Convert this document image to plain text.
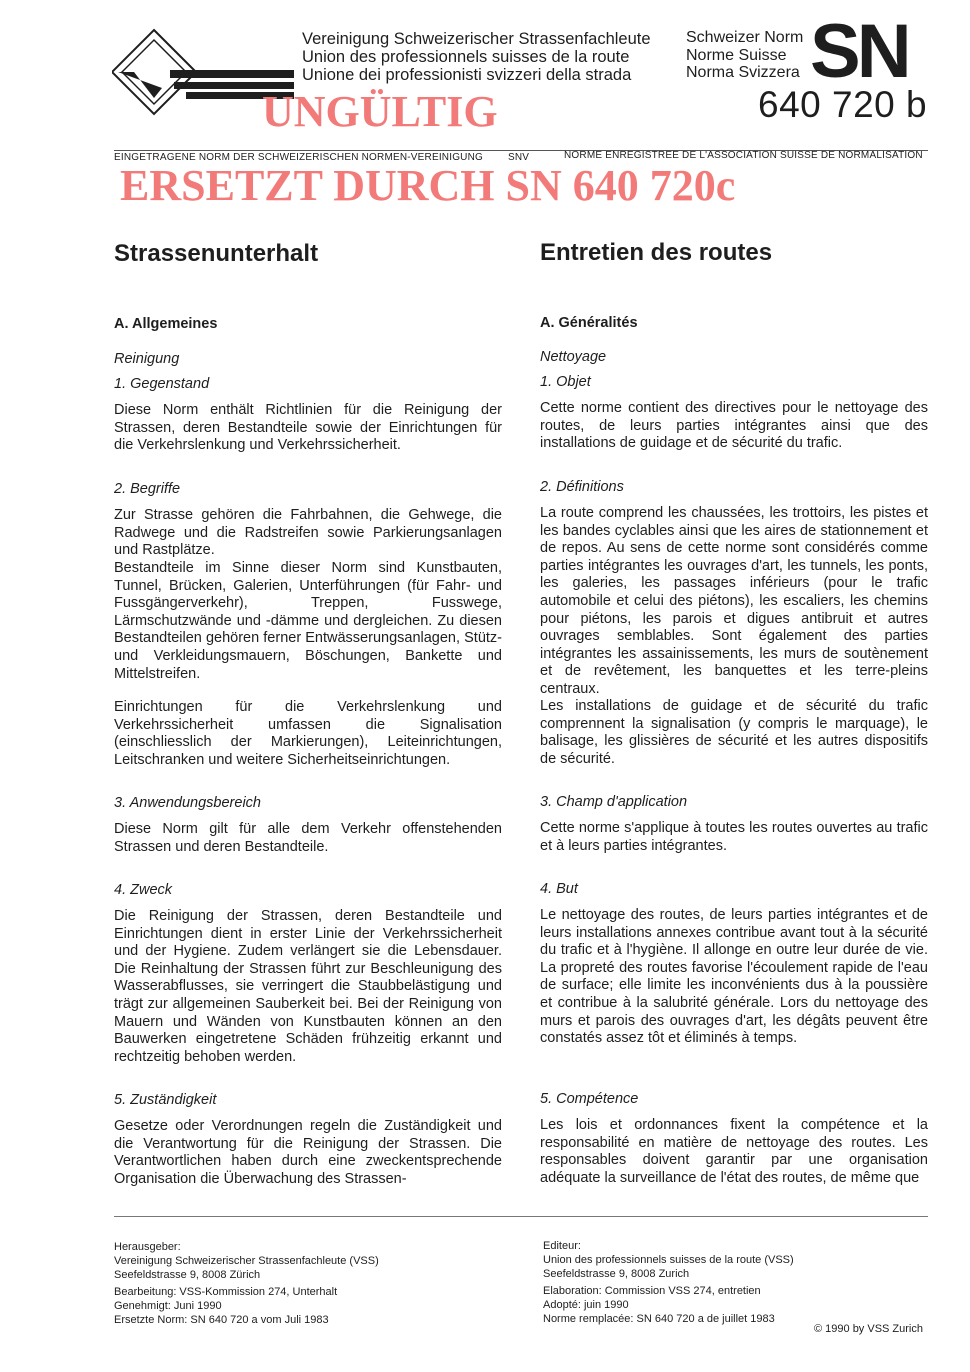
Vereinigung Schweizerischer Strassenfachleute
Union des professionnels suisses de la route
Unione dei professionisti svizzeri della strada
Schweizer Norm
Norme Suisse
Norma Svizzera SN
640 720 b
UNGÜLTIG
EINGETRAGENE NORM DER SCHWEIZERISCHEN NORMEN-VEREINIGUNG SNV	NORME ENREGISTREE DE L'ASSOCIATION SUISSE DE NORMALISATION
ERSETZT DURCH SN 640 720c
Strassenunterhalt	Entretien des routes
A. Allgemeines
Reinigung
1. Gegenstand
Diese Norm enthält Richtlinien für die Reinigung der Strassen, deren Bestandteile sowie der Einrichtungen für die Verkehrslenkung und Verkehrssicherheit.
2. Begriffe
Zur Strasse gehören die Fahrbahnen, die Gehwege, die Radwege und die Radstreifen sowie Parkierungsanlagen und Rastplätze.
Bestandteile im Sinne dieser Norm sind Kunstbauten, Tunnel, Brücken, Galerien, Unterführungen (für Fahr- und Fussgängerverkehr), Treppen, Fusswege, Lärmschutzwände und -dämme und dergleichen. Zu diesen Bestandteilen gehören ferner Entwässerungsanlagen, Stütz- und Verkleidungsmauern, Böschungen, Bankette und Mittelstreifen.
Einrichtungen für die Verkehrslenkung und Verkehrssicherheit umfassen die Signalisation (einschliesslich der Markierungen), Leiteinrichtungen, Leitschranken und weitere Sicherheitseinrichtungen.
3. Anwendungsbereich
Diese Norm gilt für alle dem Verkehr offenstehenden Strassen und deren Bestandteile.
4. Zweck
Die Reinigung der Strassen, deren Bestandteile und Einrichtungen dient in erster Linie der Verkehrssicherheit und der Hygiene. Zudem verlängert sie die Lebensdauer. Die Reinhaltung der Strassen führt zur Beschleunigung des Wasserabflusses, sie verringert die Staubbelästigung und trägt zur allgemeinen Sauberkeit bei. Bei der Reinigung von Mauern und Wänden von Kunstbauten können an den Bauwerken eingetretene Schäden frühzeitig erkannt und rechtzeitig behoben werden.
5. Zuständigkeit
Gesetze oder Verordnungen regeln die Zuständigkeit und die Verantwortung für die Reinigung der Strassen. Die Verantwortlichen haben durch eine zweckentsprechende Organisation die Überwachung des Strassen-
A. Généralités
Nettoyage
1. Objet
Cette norme contient des directives pour le nettoyage des routes, de leurs parties intégrantes ainsi que des installations de guidage et de sécurité du trafic.
2. Définitions
La route comprend les chaussées, les trottoirs, les pistes et les bandes cyclables ainsi que les aires de stationnement et de repos. Au sens de cette norme sont considérés comme parties intégrantes les ouvrages d'art, les tunnels, les ponts, les galeries, les passages inférieurs (pour le trafic automobile et celui des piétons), les escaliers, les chemins pour piétons, les parois et digues antibruit et autres ouvrages semblables. Sont également des parties intégrantes les assainissements, les murs de soutènement et de revêtement, les banquettes et les terre-pleins centraux.
Les installations de guidage et de sécurité du trafic comprennent la signalisation (y compris le marquage), le balisage, les glissières de sécurité et les autres dispositifs de sécurité.
3. Champ d'application
Cette norme s'applique à toutes les routes ouvertes au trafic et à leurs parties intégrantes.
4. But
Le nettoyage des routes, de leurs parties intégrantes et de leurs installations annexes contribue avant tout à la sécurité du trafic et à l'hygiène. Il allonge en outre leur durée de vie. La propreté des routes favorise l'écoulement rapide de l'eau de surface; elle limite les inconvénients dus à la poussière et contribue à la salubrité générale. Lors du nettoyage des murs et parois des ouvrages d'art, les dégâts peuvent être constatés assez tôt et éliminés à temps.
5. Compétence
Les lois et ordonnances fixent la compétence et la responsabilité en matière de nettoyage des routes. Les responsables doivent garantir par une organisation adéquate la surveillance de l'état des routes, de même que
Herausgeber:
Vereinigung Schweizerischer Strassenfachleute (VSS)
Seefeldstrasse 9, 8008 Zürich
Bearbeitung: VSS-Kommission 274, Unterhalt
Genehmigt: Juni 1990
Ersetzte Norm: SN 640 720 a vom Juli 1983
Editeur:
Union des professionnels suisses de la route (VSS)
Seefeldstrasse 9, 8008 Zurich
Elaboration: Commission VSS 274, entretien
Adopté: juin 1990
Norme remplacée: SN 640 720 a de juillet 1983
© 1990 by VSS Zurich
